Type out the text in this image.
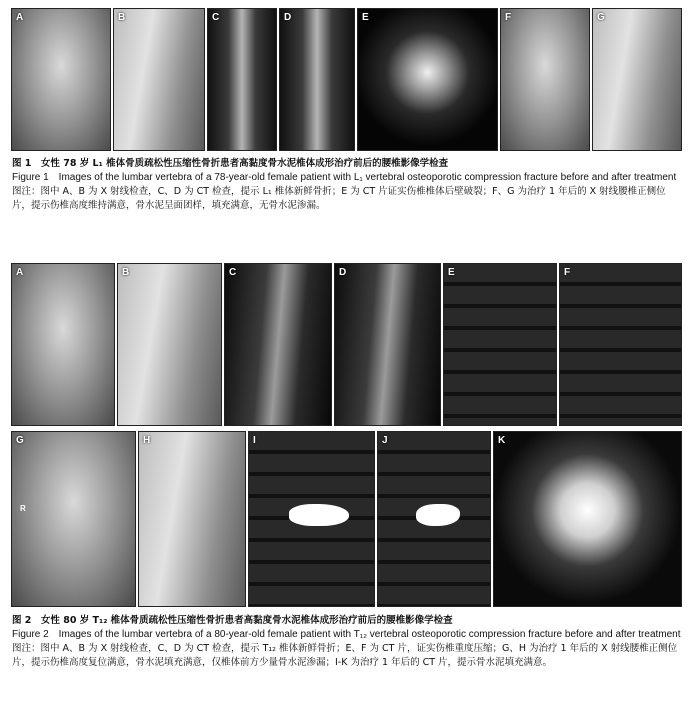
A	B	C	D	E	F	G
图 1　女性 78 岁 L₁ 椎体骨质疏松性压缩性骨折患者高黏度骨水泥椎体成形治疗前后的腰椎影像学检查
Figure 1　Images of the lumbar vertebra of a 78-year-old female patient with L₁ vertebral osteoporotic compression fracture before and after treatment
图注：图中 A、B 为 X 射线检查，C、D 为 CT 检查，提示 L₁ 椎体新鲜骨折；E 为 CT 片证实伤椎椎体后壁破裂；F、G 为治疗 1 年后的 X 射线腰椎正侧位片，提示伤椎高度维持满意，骨水泥呈面团样，填充满意，无骨水泥渗漏。
A	B	C	D	E	F
G
R
H	I	J	K
图 2　女性 80 岁 T₁₂ 椎体骨质疏松性压缩性骨折患者高黏度骨水泥椎体成形治疗前后的腰椎影像学检查
Figure 2　Images of the lumbar vertebra of a 80-year-old female patient with T₁₂ vertebral osteoporotic compression fracture before and after treatment
图注：图中 A、B 为 X 射线检查，C、D 为 CT 检查，提示 T₁₂ 椎体新鲜骨折；E、F 为 CT 片，证实伤椎重度压缩；G、H 为治疗 1 年后的 X 射线腰椎正侧位片，提示伤椎高度复位满意，骨水泥填充满意，仅椎体前方少量骨水泥渗漏；I-K 为治疗 1 年后的 CT 片，提示骨水泥填充满意。
